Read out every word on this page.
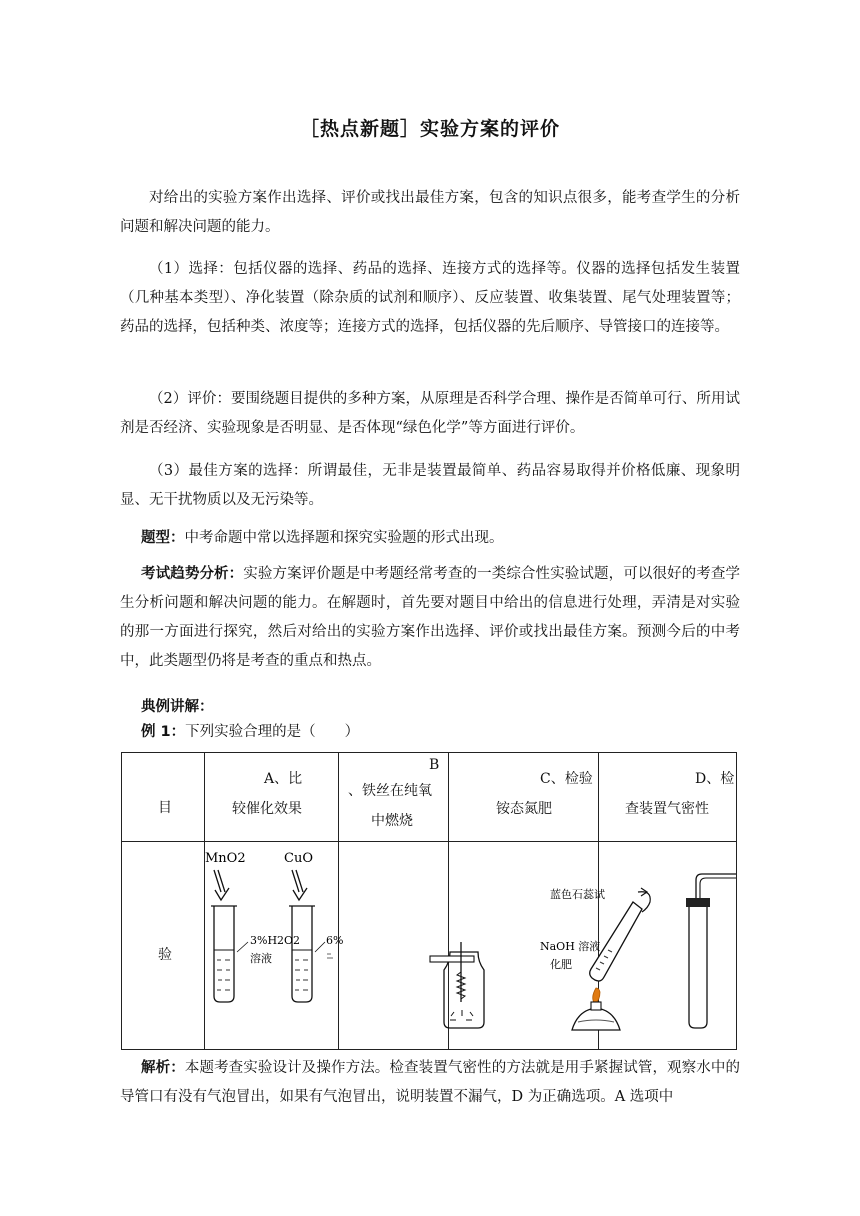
［热点新题］实验方案的评价

对给出的实验方案作出选择、评价或找出最佳方案，包含的知识点很多，能考查学生的分析问题和解决问题的能力。

（1）选择：包括仪器的选择、药品的选择、连接方式的选择等。仪器的选择包括发生装置（几种基本类型）、净化装置（除杂质的试剂和顺序）、反应装置、收集装置、尾气处理装置等；药品的选择，包括种类、浓度等；连接方式的选择，包括仪器的先后顺序、导管接口的连接等。

（2）评价：要围绕题目提供的多种方案，从原理是否科学合理、操作是否简单可行、所用试剂是否经济、实验现象是否明显、是否体现“绿色化学”等方面进行评价。

（3）最佳方案的选择：所谓最佳，无非是装置最简单、药品容易取得并价格低廉、现象明显、无干扰物质以及无污染等。

题型：中考命题中常以选择题和探究实验题的形式出现。

考试趋势分析：实验方案评价题是中考题经常考查的一类综合性实验试题，可以很好的考查学生分析问题和解决问题的能力。在解题时，首先要对题目中给出的信息进行处理，弄清是对实验的那一方面进行探究，然后对给出的实验方案作出选择、评价或找出最佳方案。预测今后的中考中，此类题型仍将是考查的重点和热点。

典例讲解：

例 1：下列实验合理的是（　　）

目
验
A、比
较催化效果
B
、铁丝在纯氧
中燃烧
C、检验
铵态氮肥
D、检
查装置气密性
MnO2	CuO
3%H2O2
溶液
6%
蓝色石蕊试
NaOH 溶液
化肥

解析：本题考查实验设计及操作方法。检查装置气密性的方法就是用手紧握试管，观察水中的导管口有没有气泡冒出，如果有气泡冒出，说明装置不漏气，D 为正确选项。A 选项中
